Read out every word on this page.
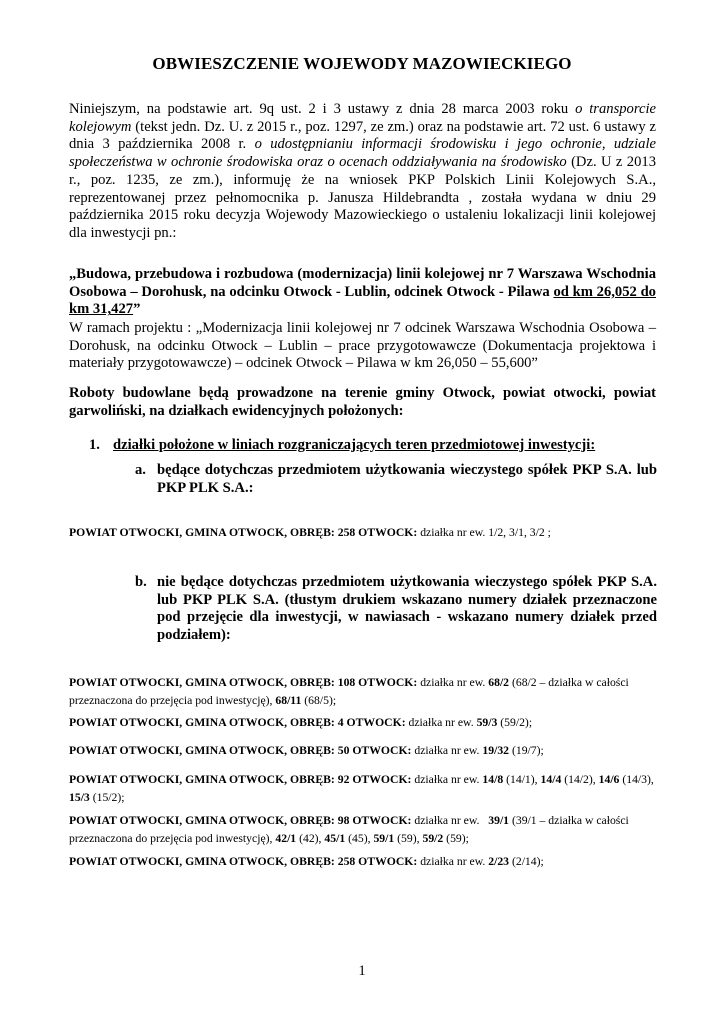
OBWIESZCZENIE WOJEWODY MAZOWIECKIEGO
Niniejszym, na podstawie art. 9q ust. 2 i 3 ustawy z dnia 28 marca 2003 roku o transporcie kolejowym (tekst jedn. Dz. U. z 2015 r., poz. 1297, ze zm.) oraz na podstawie art. 72 ust. 6 ustawy z dnia 3 października 2008 r. o udostępnianiu informacji środowisku i jego ochronie, udziale społeczeństwa w ochronie środowiska oraz o ocenach oddziaływania na środowisko (Dz. U z 2013 r., poz. 1235, ze zm.), informuję że na wniosek PKP Polskich Linii Kolejowych S.A., reprezentowanej przez pełnomocnika p. Janusza Hildebrandta , została wydana w dniu 29 października 2015 roku decyzja Wojewody Mazowieckiego o ustaleniu lokalizacji linii kolejowej dla inwestycji pn.:
„Budowa, przebudowa i rozbudowa (modernizacja) linii kolejowej nr 7 Warszawa Wschodnia Osobowa – Dorohusk, na odcinku Otwock - Lublin, odcinek Otwock - Pilawa od km 26,052 do km 31,427”
W ramach projektu : „Modernizacja linii kolejowej nr 7 odcinek Warszawa Wschodnia Osobowa – Dorohusk, na odcinku Otwock – Lublin – prace przygotowawcze (Dokumentacja projektowa i materiały przygotowawcze) – odcinek Otwock – Pilawa w km 26,050 – 55,600”
Roboty budowlane będą prowadzone na terenie gminy Otwock, powiat otwocki, powiat garwoliński, na działkach ewidencyjnych położonych:
1. działki położone w liniach rozgraniczających teren przedmiotowej inwestycji:
a. będące dotychczas przedmiotem użytkowania wieczystego spółek PKP S.A. lub PKP PLK S.A.:
POWIAT OTWOCKI, GMINA OTWOCK, OBRĘB: 258 OTWOCK: działka nr ew. 1/2, 3/1, 3/2 ;
b. nie będące dotychczas przedmiotem użytkowania wieczystego spółek PKP S.A. lub PKP PLK S.A. (tłustym drukiem wskazano numery działek przeznaczone pod przejęcie dla inwestycji, w nawiasach - wskazano numery działek przed podziałem):
POWIAT OTWOCKI, GMINA OTWOCK, OBRĘB: 108 OTWOCK: działka nr ew. 68/2 (68/2 – działka w całości przeznaczona do przejęcia pod inwestycję), 68/11 (68/5);
POWIAT OTWOCKI, GMINA OTWOCK, OBRĘB: 4 OTWOCK: działka nr ew. 59/3 (59/2);
POWIAT OTWOCKI, GMINA OTWOCK, OBRĘB: 50 OTWOCK: działka nr ew. 19/32 (19/7);
POWIAT OTWOCKI, GMINA OTWOCK, OBRĘB: 92 OTWOCK: działka nr ew. 14/8 (14/1), 14/4 (14/2), 14/6 (14/3), 15/3 (15/2);
POWIAT OTWOCKI, GMINA OTWOCK, OBRĘB: 98 OTWOCK: działka nr ew.   39/1 (39/1 – działka w całości przeznaczona do przejęcia pod inwestycję), 42/1 (42), 45/1 (45), 59/1 (59), 59/2 (59);
POWIAT OTWOCKI, GMINA OTWOCK, OBRĘB: 258 OTWOCK: działka nr ew. 2/23 (2/14);
1
